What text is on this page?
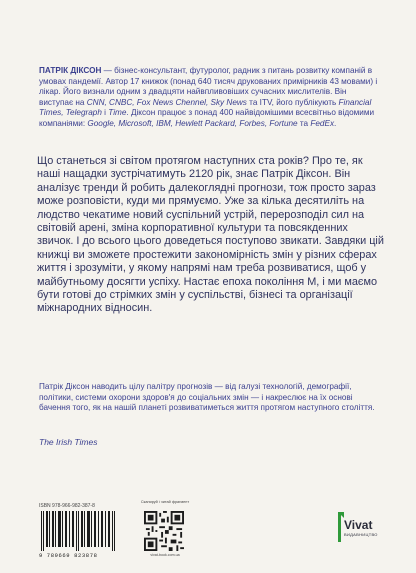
ПАТРІК ДІКСОН — бізнес-консультант, футуролог, радник з питань розвитку компаній в умовах пандемії. Автор 17 книжок (понад 640 тисяч друкованих примірників 43 мовами) і лікар. Його визнали одним з двадцяти найвпливовіших сучасних мислителів. Він виступає на CNN, CNBC, Fox News Chennel, Sky News та ITV, його публікують Financial Times, Telegraph і Time. Діксон працює з понад 400 найвідомішими всесвітньо відомими компаніями: Google, Microsoft, IBM, Hewlett Packard, Forbes, Fortune та FedEx.

Що станеться зі світом протягом наступних ста років? Про те, як наші нащадки зустрічатимуть 2120 рік, знає Патрік Діксон. Він аналізує тренди й робить далекоглядні прогнози, тож просто зараз може розповісти, куди ми прямуємо. Уже за кілька десятиліть на людство чекатиме новий суспільний устрій, перерозподіл сил на світовій арені, зміна корпоративної культури та повсякденних звичок. І до всього цього доведеться поступово звикати. Завдяки цій книжці ви зможете простежити закономірність змін у різних сферах життя і зрозуміти, у якому напрямі нам треба розвиватися, щоб у майбутньому досягти успіху. Настає епоха покоління М, і ми маємо бути готові до стрімких змін у суспільстві, бізнесі та організації міжнародних відносин.

Патрік Діксон наводить цілу палітру прогнозів — від галузі технологій, демографії, політики, системи охорони здоров'я до соціальних змін — і накреслює на їх основі бачення того, як на нашій планеті розвиватиметься життя протягом наступного століття.
The Irish Times
ISBN 978-966-982-387-8
9 789669 823878
Сканируй і читай фрагмент
vivat-book.com.ua
Vivat
ВИДАВНИЦТВО
